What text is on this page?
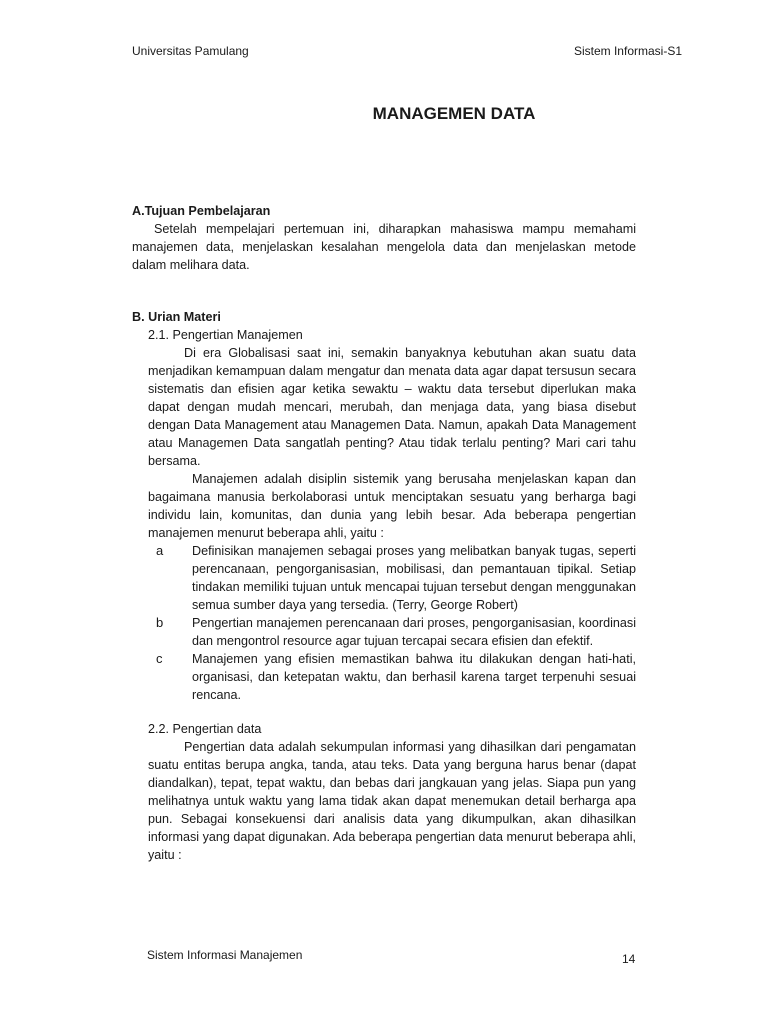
Universitas Pamulang	Sistem Informasi-S1
MANAGEMEN DATA

A.Tujuan Pembelajaran

Setelah mempelajari pertemuan ini, diharapkan mahasiswa mampu memahami manajemen data, menjelaskan kesalahan mengelola data dan menjelaskan metode dalam melihara data.

B. Urian Materi

2.1. Pengertian Manajemen

Di era Globalisasi saat ini, semakin banyaknya kebutuhan akan suatu data menjadikan kemampuan dalam mengatur dan menata data agar dapat tersusun secara sistematis dan efisien agar ketika sewaktu – waktu data tersebut diperlukan maka dapat dengan mudah mencari, merubah, dan menjaga data, yang biasa disebut dengan Data Management atau Managemen Data. Namun, apakah Data Management atau Managemen Data sangatlah penting? Atau tidak terlalu penting? Mari cari tahu bersama.

Manajemen adalah disiplin sistemik yang berusaha menjelaskan kapan dan bagaimana manusia berkolaborasi untuk menciptakan sesuatu yang berharga bagi individu lain, komunitas, dan dunia yang lebih besar. Ada beberapa pengertian manajemen menurut beberapa ahli, yaitu :

a	Definisikan manajemen sebagai proses yang melibatkan banyak tugas, seperti perencanaan, pengorganisasian, mobilisasi, dan pemantauan tipikal. Setiap tindakan memiliki tujuan untuk mencapai tujuan tersebut dengan menggunakan semua sumber daya yang tersedia. (Terry, George Robert)
b	Pengertian manajemen perencanaan dari proses, pengorganisasian, koordinasi dan mengontrol resource agar tujuan tercapai secara efisien dan efektif.
c	Manajemen yang efisien memastikan bahwa itu dilakukan dengan hati-hati, organisasi, dan ketepatan waktu, dan berhasil karena target terpenuhi sesuai rencana.

2.2. Pengertian data

Pengertian data adalah sekumpulan informasi yang dihasilkan dari pengamatan suatu entitas berupa angka, tanda, atau teks. Data yang berguna harus benar (dapat diandalkan), tepat, tepat waktu, dan bebas dari jangkauan yang jelas. Siapa pun yang melihatnya untuk waktu yang lama tidak akan dapat menemukan detail berharga apa pun. Sebagai konsekuensi dari analisis data yang dikumpulkan, akan dihasilkan informasi yang dapat digunakan. Ada beberapa pengertian data menurut beberapa ahli, yaitu :

Sistem Informasi Manajemen	14
